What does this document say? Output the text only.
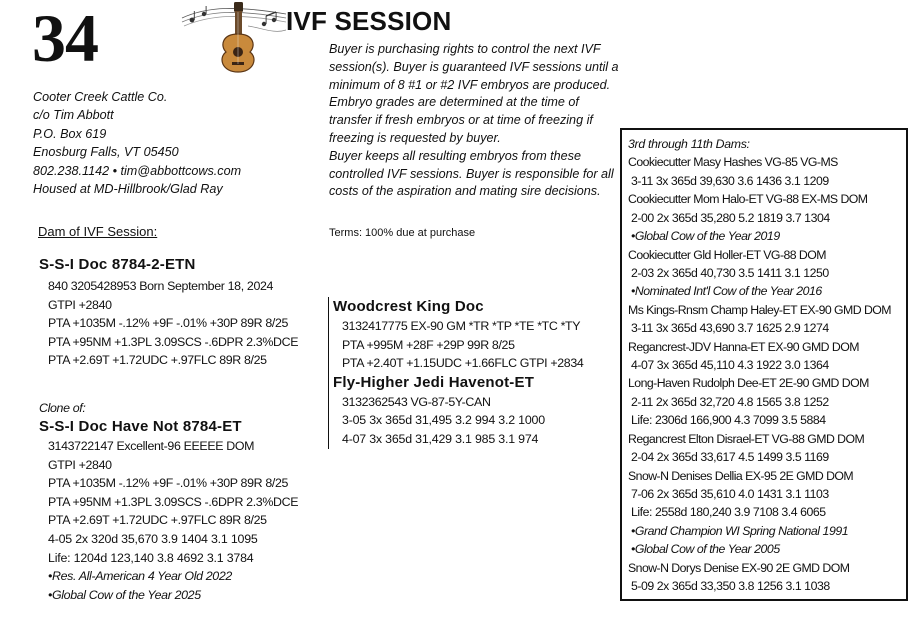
34	IVF SESSION

Buyer is purchasing rights to control the next IVF session(s). Buyer is guaranteed IVF sessions until a minimum of 8 #1 or #2 IVF embryos are produced. Embryo grades are determined at the time of transfer if fresh embryos or at time of freezing if freezing is requested by buyer.

Buyer keeps all resulting embryos from these controlled IVF sessions. Buyer is responsible for all costs of the aspiration and mating sire decisions.

Terms: 100% due at purchase
Cooter Creek Cattle Co.
c/o Tim Abbott
P.O. Box 619
Enosburg Falls, VT 05450
802.238.1142 • tim@abbottcows.com
Housed at MD-Hillbrook/Glad Ray
Dam of IVF Session:
S-S-I Doc 8784-2-ETN
840 3205428953 Born September 18, 2024
GTPI +2840
PTA +1035M -.12% +9F -.01% +30P 89R 8/25
PTA +95NM +1.3PL 3.09SCS -.6DPR 2.3%DCE
PTA +2.69T +1.72UDC +.97FLC 89R 8/25
Clone of:
S-S-I Doc Have Not 8784-ET
3143722147 Excellent-96 EEEEE DOM
GTPI +2840
PTA +1035M -.12% +9F -.01% +30P 89R 8/25
PTA +95NM +1.3PL 3.09SCS -.6DPR 2.3%DCE
PTA +2.69T +1.72UDC +.97FLC 89R 8/25
4-05 2x 320d 35,670 3.9 1404 3.1 1095
Life: 1204d 123,140 3.8 4692 3.1 3784
•Res. All-American 4 Year Old 2022
•Global Cow of the Year 2025
Woodcrest King Doc
3132417775 EX-90 GM *TR *TP *TE *TC *TY
PTA +995M +28F +29P 99R 8/25
PTA +2.40T +1.15UDC +1.66FLC GTPI +2834
Fly-Higher Jedi Havenot-ET
3132362543 VG-87-5Y-CAN
3-05 3x 365d 31,495 3.2 994 3.2 1000
4-07 3x 365d 31,429 3.1 985 3.1 974
3rd through 11th Dams:
Cookiecutter Masy Hashes VG-85 VG-MS
3-11 3x 365d 39,630 3.6 1436 3.1 1209
Cookiecutter Mom Halo-ET VG-88 EX-MS DOM
2-00 2x 365d 35,280 5.2 1819 3.7 1304
•Global Cow of the Year 2019
Cookiecutter Gld Holler-ET VG-88 DOM
2-03 2x 365d 40,730 3.5 1411 3.1 1250
•Nominated Int'l Cow of the Year 2016
Ms Kings-Rnsm Champ Haley-ET EX-90 GMD DOM
3-11 3x 365d 43,690 3.7 1625 2.9 1274
Regancrest-JDV Hanna-ET EX-90 GMD DOM
4-07 3x 365d 45,110 4.3 1922 3.0 1364
Long-Haven Rudolph Dee-ET 2E-90 GMD DOM
2-11 2x 365d 32,720 4.8 1565 3.8 1252
Life: 2306d 166,900 4.3 7099 3.5 5884
Regancrest Elton Disrael-ET VG-88 GMD DOM
2-04 2x 365d 33,617 4.5 1499 3.5 1169
Snow-N Denises Dellia EX-95 2E GMD DOM
7-06 2x 365d 35,610 4.0 1431 3.1 1103
Life: 2558d 180,240 3.9 7108 3.4 6065
•Grand Champion WI Spring National 1991
•Global Cow of the Year 2005
Snow-N Dorys Denise EX-90 2E GMD DOM
5-09 2x 365d 33,350 3.8 1256 3.1 1038
